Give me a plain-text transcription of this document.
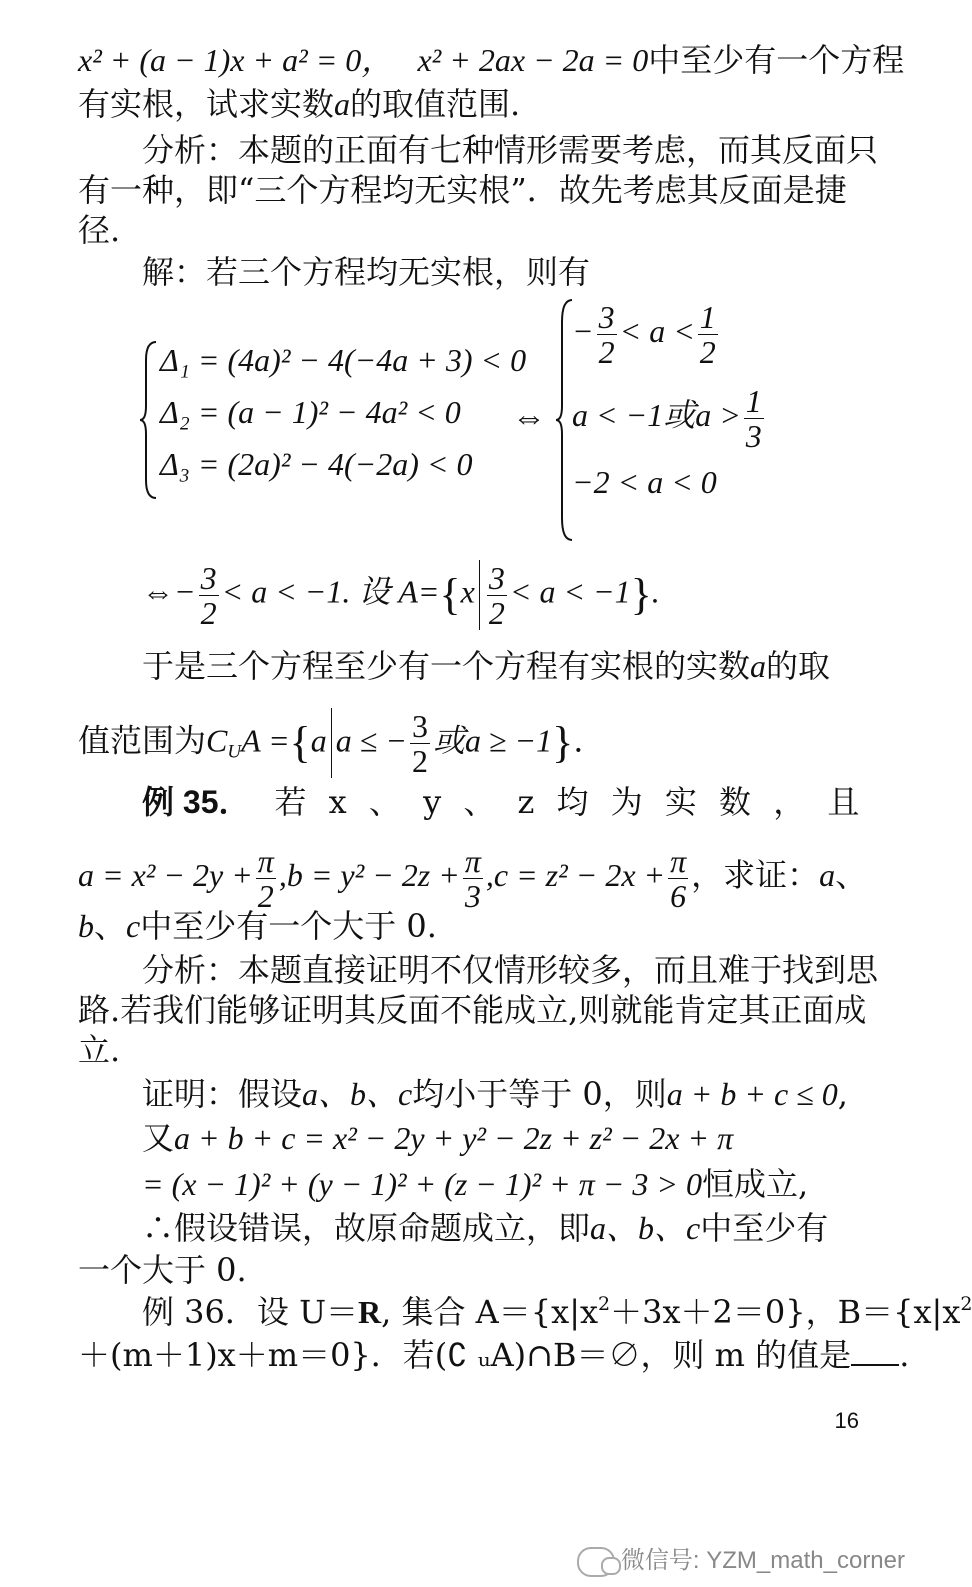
x² + (a − 1)x + a² = 0， x² + 2ax − 2a = 0中至少有一个方程
有实根，试求实数a的取值范围.
分析：本题的正面有七种情形需要考虑，而其反面只
有一种，即“三个方程均无实根”．故先考虑其反面是捷
径.
解：若三个方程均无实根，则有
Δ₁ = (4a)² − 4(−4a + 3) < 0
Δ₂ = (a − 1)² − 4a² < 0
Δ₃ = (2a)² − 4(−2a) < 0
⇔
− $\frac{3}{2} < a < \frac{1}{2}$
a < −1或$a > \frac{1}{3}$
−2 < a < 0
⇔− $\frac{3}{2} < a < -1$. 设 $A=\{x \frac{3}{2} < a < -1\}$.
于是三个方程至少有一个方程有实根的实数a的取
值范围为$C_UA =\{a$ a ≤ − $\frac{3}{2}$ 或a ≥ −1}.
例 35． 若 x 、 y 、 z 均 为 实 数 ， 且
$a = x^2 - 2y + \frac{\pi}{2} ,b = y^2 - 2z + \frac{\pi}{3} ,c = z^2 - 2x + \frac{\pi}{6}$ ，求证：a、
b、c中至少有一个大于 0.
分析：本题直接证明不仅情形较多，而且难于找到思
路.若我们能够证明其反面不能成立,则就能肯定其正面成
立.
证明：假设a、b、c均小于等于 0，则a + b + c ≤ 0,
又a + b + c = x² − 2y + y² − 2z + z² − 2x + π
= (x − 1)² + (y − 1)² + (z − 1)² + π − 3 > 0恒成立,
∴假设错误，故原命题成立，即a、b、c中至少有
一个大于 0.
例 36．设 U＝R, 集合 $A=\{x|x^2+3x+2=0\}$，$B=\{x|x^2$
＋(m＋1)x＋m＝0}．若(∁ ᵤA)∩B＝∅，则 m 的值是 .
16
微信号: YZM_math_corner
